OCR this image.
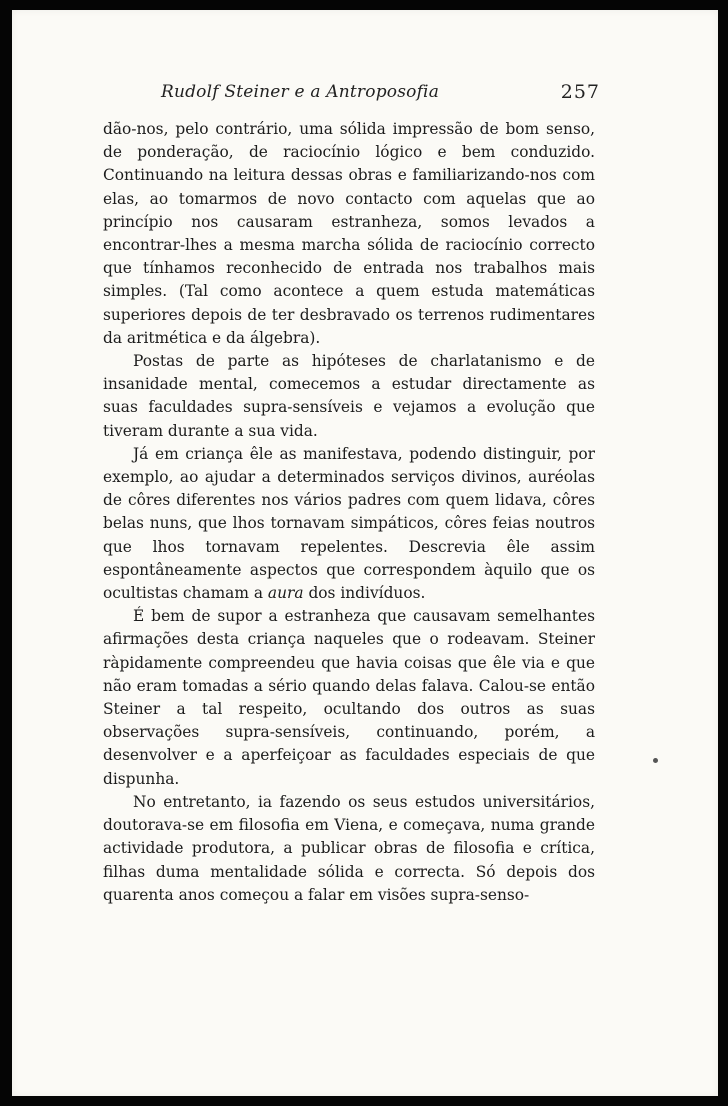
Rudolf Steiner e a Antroposofia	257

dão-nos, pelo contrário, uma sólida impressão de bom senso, de ponderação, de raciocínio lógico e bem conduzido. Continuando na leitura dessas obras e familiarizando-nos com elas, ao tomarmos de novo contacto com aquelas que ao princípio nos causaram estranheza, somos levados a encontrar-lhes a mesma marcha sólida de raciocínio correcto que tínhamos reconhecido de entrada nos trabalhos mais simples. (Tal como acontece a quem estuda matemáticas superiores depois de ter desbravado os terrenos rudimentares da aritmética e da álgebra).

Postas de parte as hipóteses de charlatanismo e de insanidade mental, comecemos a estudar directamente as suas faculdades supra-sensíveis e vejamos a evolução que tiveram durante a sua vida.

Já em criança êle as manifestava, podendo distinguir, por exemplo, ao ajudar a determinados serviços divinos, auréolas de côres diferentes nos vários padres com quem lidava, côres belas nuns, que lhos tornavam simpáticos, côres feias noutros que lhos tornavam repelentes. Descrevia êle assim espontâneamente aspectos que correspondem àquilo que os ocultistas chamam a aura dos indivíduos.

É bem de supor a estranheza que causavam semelhantes afirmações desta criança naqueles que o rodeavam. Steiner ràpidamente compreendeu que havia coisas que êle via e que não eram tomadas a sério quando delas falava. Calou-se então Steiner a tal respeito, ocultando dos outros as suas observações supra-sensíveis, continuando, porém, a desenvolver e a aperfeiçoar as faculdades especiais de que dispunha.

No entretanto, ia fazendo os seus estudos universitários, doutorava-se em filosofia em Viena, e começava, numa grande actividade produtora, a publicar obras de filosofia e crítica, filhas duma mentalidade sólida e correcta. Só depois dos quarenta anos começou a falar em visões supra-senso-
